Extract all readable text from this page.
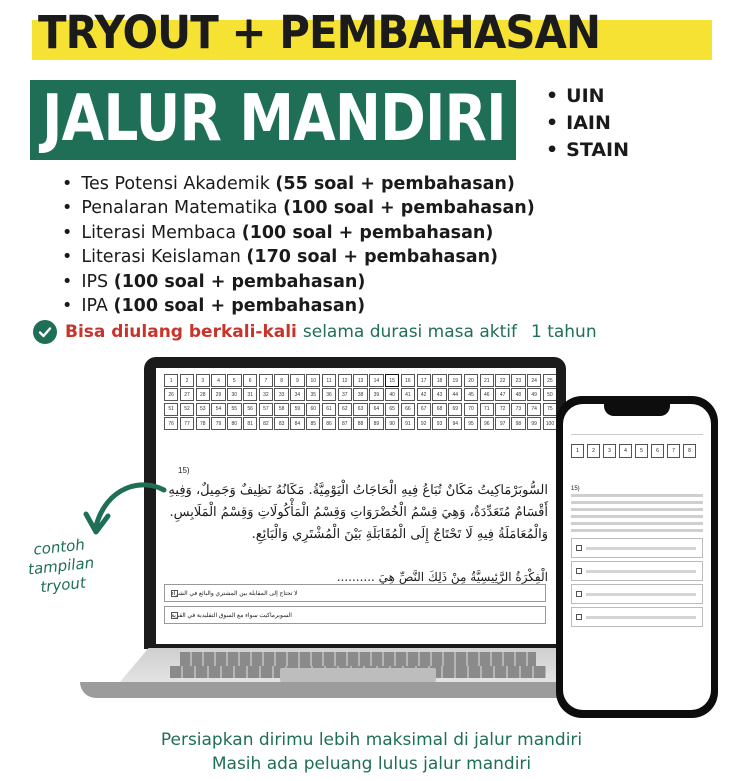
TRYOUT + PEMBAHASAN
JALUR MANDIRI
•	UIN
• IAIN
• STAIN
• Tes Potensi Akademik (55 soal + pembahasan)
• Penalaran Matematika (100 soal + pembahasan)
• Literasi Membaca (100 soal + pembahasan)
• Literasi Keislaman (170 soal + pembahasan)
• IPS (100 soal + pembahasan)
• IPA (100 soal + pembahasan)
Bisa diulang berkali-kali selama durasi masa aktif 1 tahun
1	2	3	4	5	6	7	8	9	10	11	12	13	14	15	16	17	18	19	20	21	22	23	24	25
26	27	28	29	30	31	32	33	34	35	36	37	38	39	40	41	42	43	44	45	46	47	48	49	50
51	52	53	54	55	56	57	58	59	60	61	62	63	64	65	66	67	68	69	70	71	72	73	74	75
76	77	78	79	80	81	82	83	84	85	86	87	88	89	90	91	92	93	94	95	96	97	98	99	100
15)
السُّوبَرْمَاكِيتُ مَكَانٌ تُبَاعُ فِيهِ الْحَاجَاتُ الْيَوْمِيَّةُ. مَكَانُهُ نَظِيفٌ وَجَمِيلٌ، وَفِيهِ أَقْسَامٌ مُتَعَدِّدَةٌ، وَهِيَ قِسْمُ الْخُضْرَوَاتِ وَقِسْمُ الْمَأْكُولَاتِ وَقِسْمُ الْمَلَابِسِ. وَالْمُعَامَلَةُ فِيهِ لَا تَحْتَاجُ إِلَى الْمُقَابَلَةِ بَيْنَ الْمُشْتَرِي وَالْبَائِعِ.
الْفِكْرَةُ الرَّئِيسِيَّةُ مِنْ ذَلِكَ النَّصِّ هِيَ ..........
لا تحتاج إلى المقابلة بين المشتري والبائع في الشراء
السوبرماكيت سواء مع السوق التقليدية في القرية
contoh
tampilan
tryout
1	2	3	4	5	6	7	8
15)
Persiapkan dirimu lebih maksimal di jalur mandiri
Masih ada peluang lulus jalur mandiri
